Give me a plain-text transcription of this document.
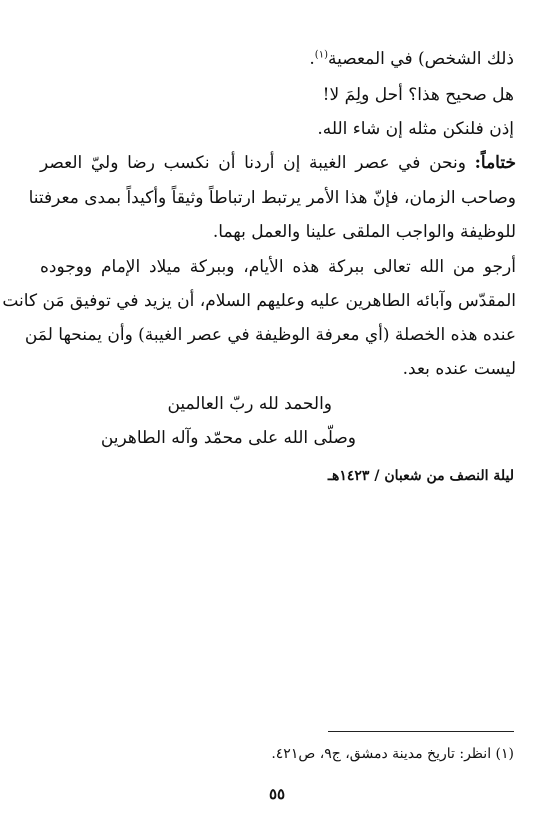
ذلك الشخص) في المعصية$^{(١)}$.
هل صحيح هذا؟ أحل ولِمَ لا!
إذن فلنكن مثله إن شاء الله.
ختاماً: ونحن في عصر الغيبة إن أردنا أن نكسب رضا وليّ العصر
وصاحب الزمان، فإنّ هذا الأمر يرتبط ارتباطاً وثيقاً وأكيداً بمدى معرفتنا
للوظيفة والواجب الملقى علينا والعمل بهما.
أرجو من الله تعالى ببركة هذه الأيام، وببركة ميلاد الإمام ووجوده
المقدّس وآبائه الطاهرين عليه وعليهم السلام، أن يزيد في توفيق مَن كانت
عنده هذه الخصلة (أي معرفة الوظيفة في عصر الغيبة) وأن يمنحها لمَن
ليست عنده بعد.
والحمد لله ربّ العالمين
وصلّى الله على محمّد وآله الطاهرين
ليلة النصف من شعبان / ١٤٢٣هـ
(١) انظر: تاريخ مدينة دمشق، ج٩، ص٤٢١.
٥٥
